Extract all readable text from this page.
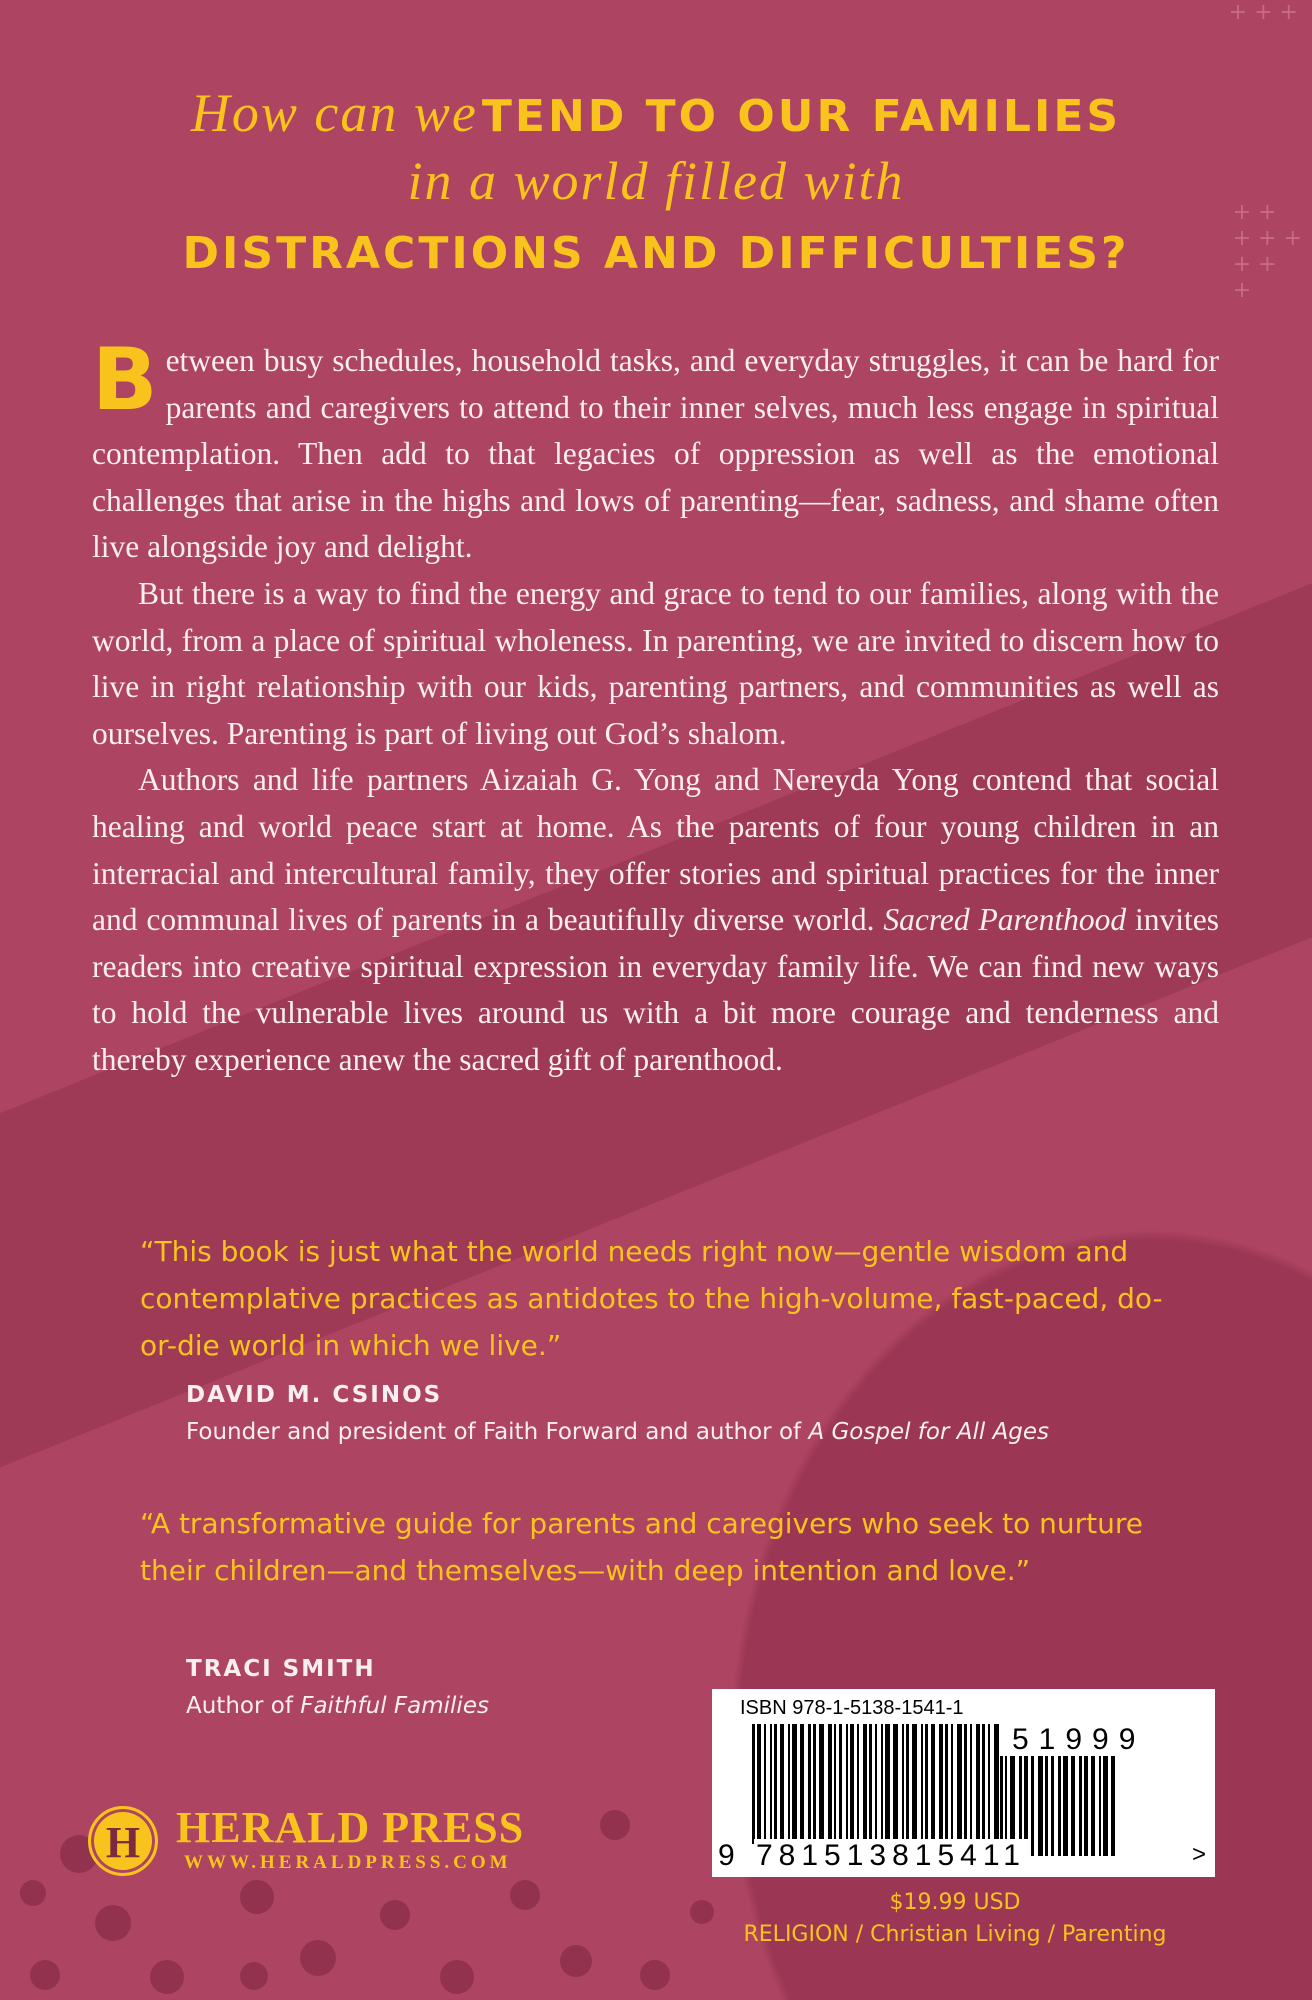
+ + +
+ +
+ + +
+ +
+
How can we TEND TO OUR FAMILIES
in a world filled with
DISTRACTIONS AND DIFFICULTIES?

Between busy schedules, household tasks, and everyday struggles, it can be hard for parents and caregivers to attend to their inner selves, much less engage in spiritual contemplation. Then add to that legacies of oppression as well as the emotional challenges that arise in the highs and lows of parenting—fear, sadness, and shame often live alongside joy and delight.

But there is a way to find the energy and grace to tend to our families, along with the world, from a place of spiritual wholeness. In parenting, we are invited to discern how to live in right relationship with our kids, parenting partners, and communities as well as ourselves. Parenting is part of living out God’s shalom.

Authors and life partners Aizaiah G. Yong and Nereyda Yong contend that social healing and world peace start at home. As the parents of four young children in an interracial and intercultural family, they offer stories and spiritual practices for the inner and communal lives of parents in a beautifully diverse world. Sacred Parenthood invites readers into creative spiritual expression in everyday family life. We can find new ways to hold the vulnerable lives around us with a bit more courage and tenderness and thereby experience anew the sacred gift of parenthood.

“This book is just what the world needs right now—gentle wisdom and contemplative practices as antidotes to the high-volume, fast-paced, do-or-die world in which we live.”
DAVID M. CSINOS
Founder and president of Faith Forward and author of A Gospel for All Ages
“A transformative guide for parents and caregivers who seek to nurture their children—and themselves—with deep intention and love.”
TRACI SMITH
Author of Faithful Families
H HERALD PRESS
WWW.HERALDPRESS.COM
ISBN 978-1-5138-1541-1
9 781513815411
51999
>
$19.99 USD
RELIGION / Christian Living / Parenting
